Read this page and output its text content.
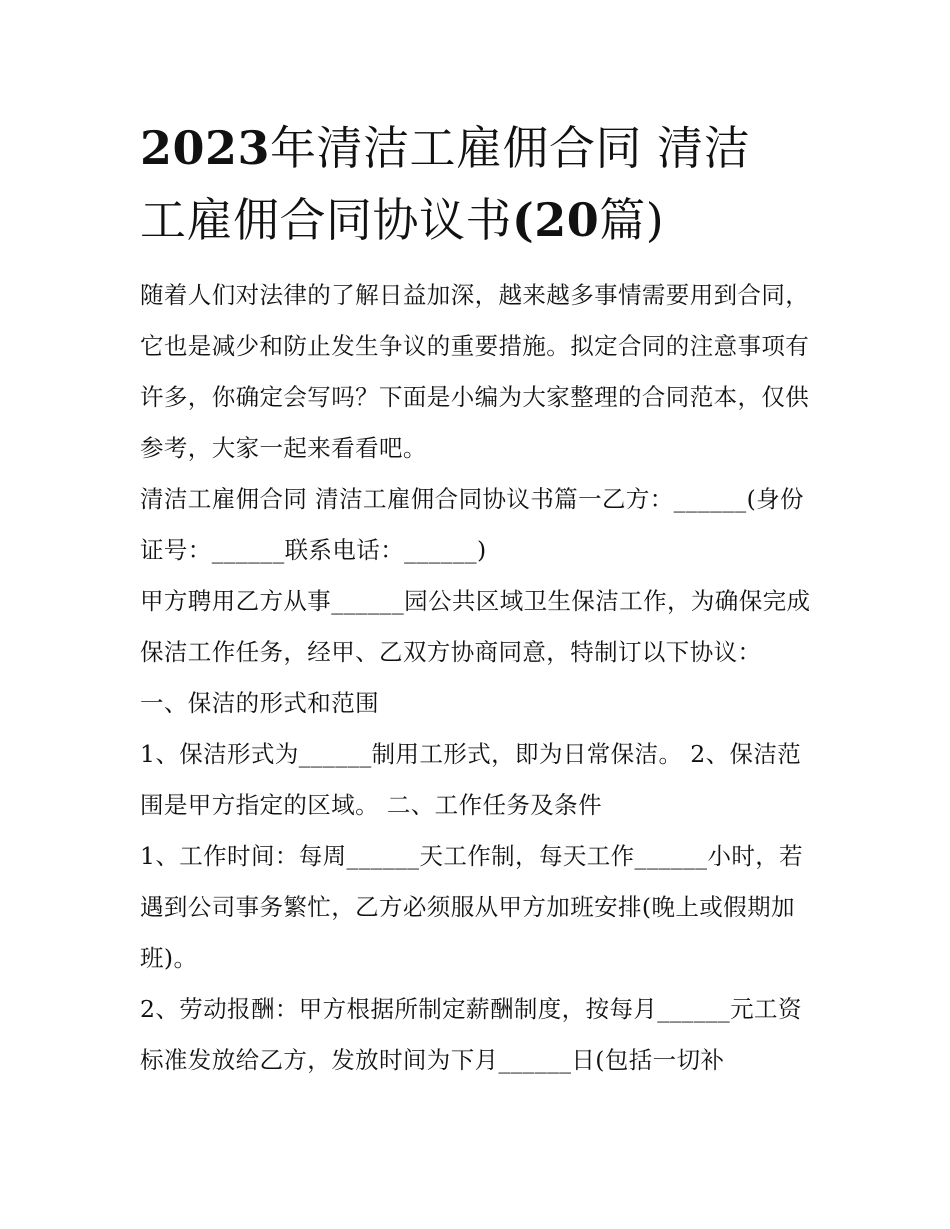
2023年清洁工雇佣合同 清洁
工雇佣合同协议书(20篇)

随着人们对法律的了解日益加深，越来越多事情需要用到合同，它也是减少和防止发生争议的重要措施。拟定合同的注意事项有许多，你确定会写吗？下面是小编为大家整理的合同范本，仅供参考，大家一起来看看吧。

清洁工雇佣合同 清洁工雇佣合同协议书篇一乙方：______(身份证号：______联系电话：______)

甲方聘用乙方从事______园公共区域卫生保洁工作，为确保完成保洁工作任务，经甲、乙双方协商同意，特制订以下协议：

一、保洁的形式和范围

1、保洁形式为______制用工形式，即为日常保洁。 2、保洁范围是甲方指定的区域。 二、工作任务及条件

1、工作时间：每周______天工作制，每天工作______小时，若遇到公司事务繁忙，乙方必须服从甲方加班安排(晚上或假期加班)。

2、劳动报酬：甲方根据所制定薪酬制度，按每月______元工资标准发放给乙方，发放时间为下月______日(包括一切补
